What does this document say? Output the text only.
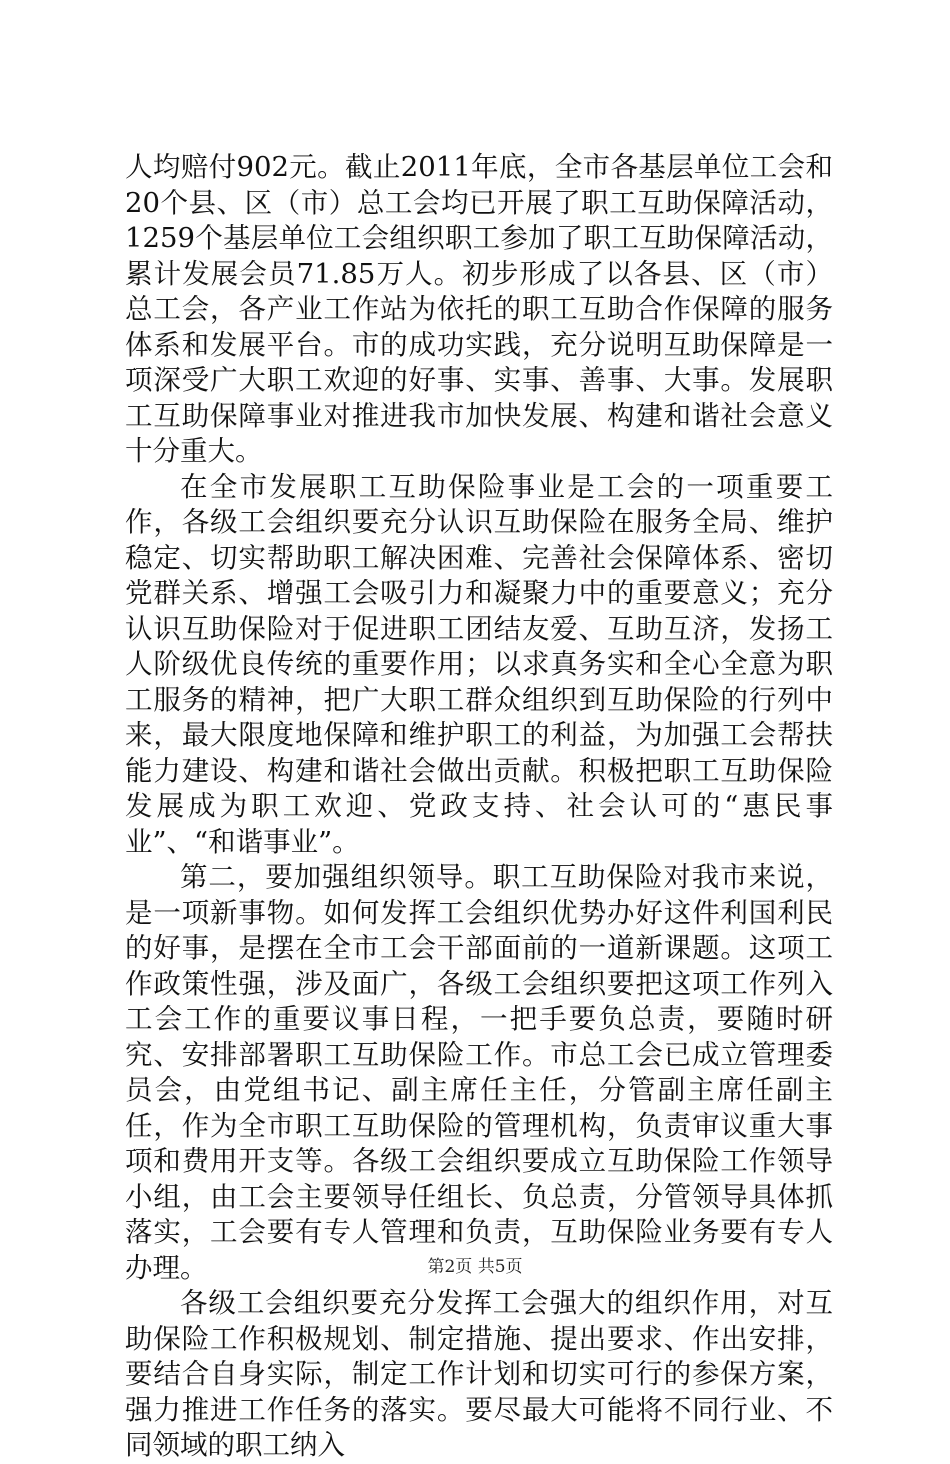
人均赔付902元。截止2011年底，全市各基层单位工会和20个县、区（市）总工会均已开展了职工互助保障活动，1259个基层单位工会组织职工参加了职工互助保障活动，累计发展会员71.85万人。初步形成了以各县、区（市）总工会，各产业工作站为依托的职工互助合作保障的服务体系和发展平台。市的成功实践，充分说明互助保障是一项深受广大职工欢迎的好事、实事、善事、大事。发展职工互助保障事业对推进我市加快发展、构建和谐社会意义十分重大。

在全市发展职工互助保险事业是工会的一项重要工作，各级工会组织要充分认识互助保险在服务全局、维护稳定、切实帮助职工解决困难、完善社会保障体系、密切党群关系、增强工会吸引力和凝聚力中的重要意义；充分认识互助保险对于促进职工团结友爱、互助互济，发扬工人阶级优良传统的重要作用；以求真务实和全心全意为职工服务的精神，把广大职工群众组织到互助保险的行列中来，最大限度地保障和维护职工的利益，为加强工会帮扶能力建设、构建和谐社会做出贡献。积极把职工互助保险发展成为职工欢迎、党政支持、社会认可的“惠民事业”、“和谐事业”。

第二，要加强组织领导。职工互助保险对我市来说，是一项新事物。如何发挥工会组织优势办好这件利国利民的好事，是摆在全市工会干部面前的一道新课题。这项工作政策性强，涉及面广，各级工会组织要把这项工作列入工会工作的重要议事日程，一把手要负总责，要随时研究、安排部署职工互助保险工作。市总工会已成立管理委员会，由党组书记、副主席任主任，分管副主席任副主任，作为全市职工互助保险的管理机构，负责审议重大事项和费用开支等。各级工会组织要成立互助保险工作领导小组，由工会主要领导任组长、负总责，分管领导具体抓落实，工会要有专人管理和负责，互助保险业务要有专人办理。

各级工会组织要充分发挥工会强大的组织作用，对互助保险工作积极规划、制定措施、提出要求、作出安排，要结合自身实际，制定工作计划和切实可行的参保方案，强力推进工作任务的落实。要尽最大可能将不同行业、不同领域的职工纳入

第2页 共5页
